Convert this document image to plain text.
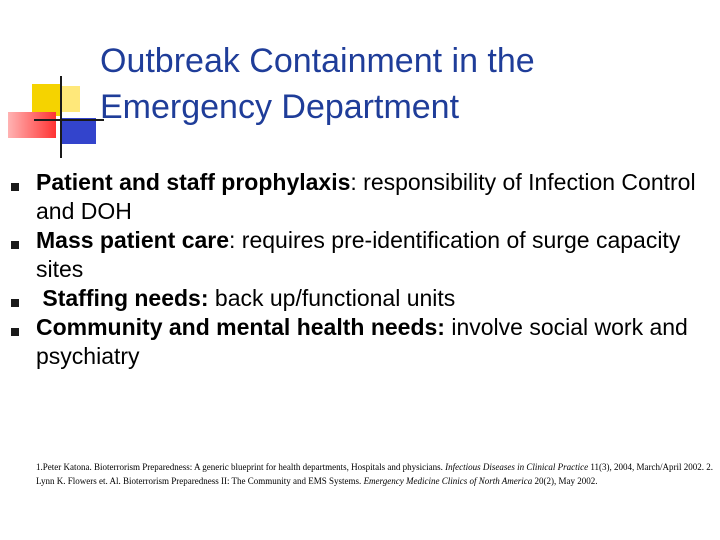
Outbreak Containment in the
Emergency Department
Patient and staff prophylaxis: responsibility of Infection Control and DOH
Mass patient care: requires pre-identification of surge capacity sites
Staffing needs: back up/functional units
Community and mental health needs: involve social work and psychiatry
1.Peter Katona. Bioterrorism Preparedness: A generic blueprint for health departments, Hospitals and physicians. Infectious Diseases in Clinical Practice 11(3), 2004, March/April 2002. 2. Lynn K. Flowers et. Al. Bioterrorism Preparedness II: The Community and EMS Systems. Emergency Medicine Clinics of North America 20(2), May 2002.
